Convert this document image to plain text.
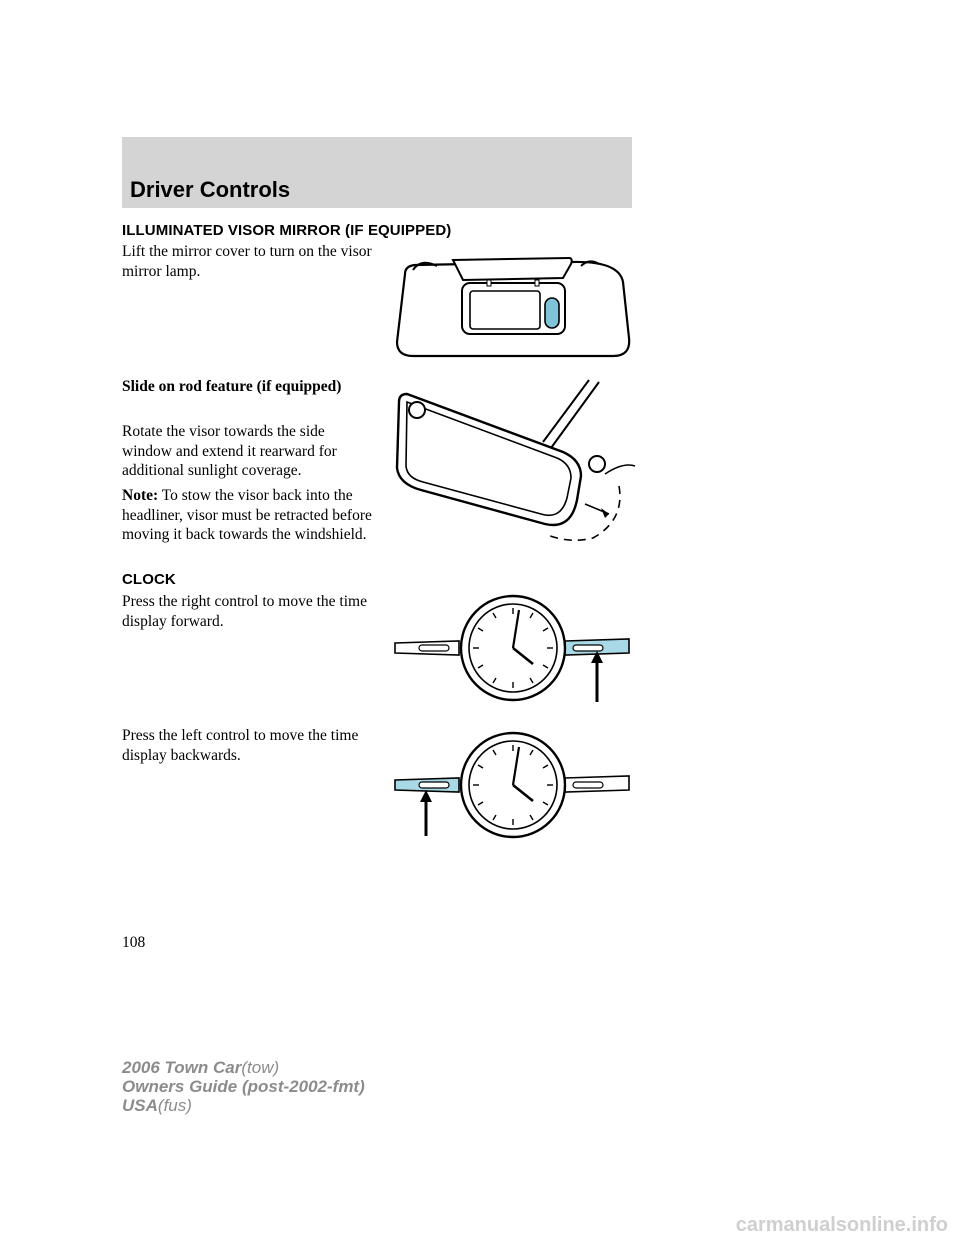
Driver Controls
ILLUMINATED VISOR MIRROR (IF EQUIPPED)
Lift the mirror cover to turn on the visor mirror lamp.
Slide on rod feature (if equipped)
Rotate the visor towards the side window and extend it rearward for additional sunlight coverage.
Note: To stow the visor back into the headliner, visor must be retracted before moving it back towards the windshield.
CLOCK
Press the right control to move the time display forward.
Press the left control to move the time display backwards.
108
2006 Town Car(tow)
Owners Guide (post-2002-fmt)
USA(fus)
carmanualsonline.info
